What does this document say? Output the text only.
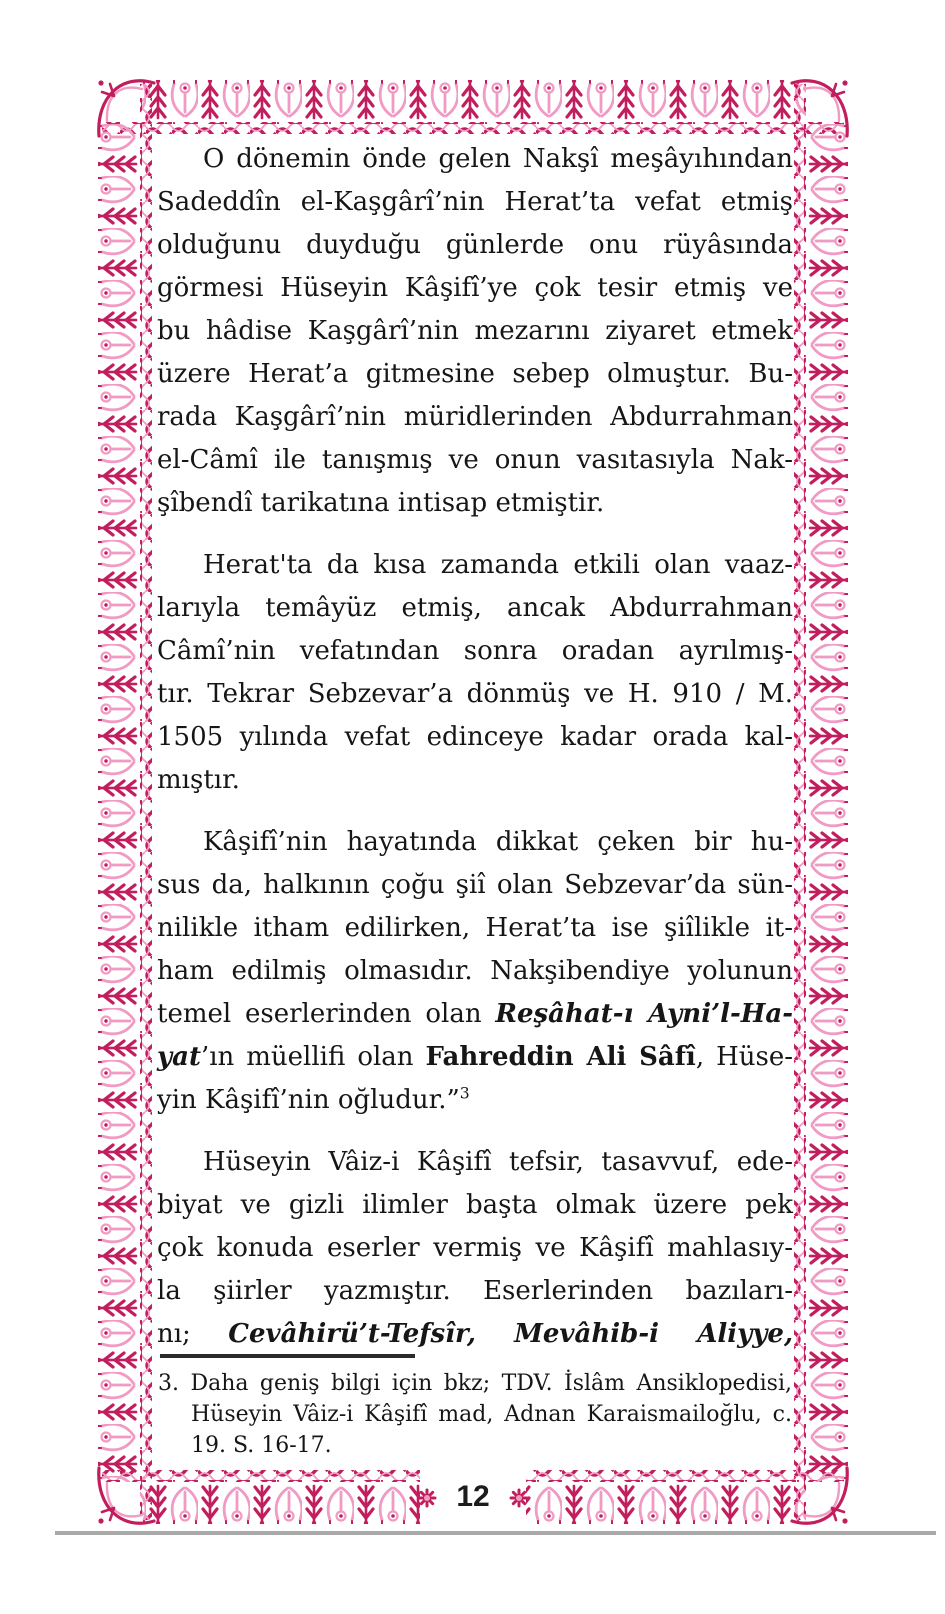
O dönemin önde gelen Nakşî meşâyıhından
Sadeddîn el-Kaşgârî’nin Herat’ta vefat etmiş
olduğunu duyduğu günlerde onu rüyâsında
görmesi Hüseyin Kâşifî’ye çok tesir etmiş ve
bu hâdise Kaşgârî’nin mezarını ziyaret etmek
üzere Herat’a gitmesine sebep olmuştur. Bu-
rada Kaşgârî’nin müridlerinden Abdurrahman
el-Câmî ile tanışmış ve onun vasıtasıyla Nak-
şîbendî tarikatına intisap etmiştir.
Herat'ta da kısa zamanda etkili olan vaaz-
larıyla temâyüz etmiş, ancak Abdurrahman
Câmî’nin vefatından sonra oradan ayrılmış-
tır. Tekrar Sebzevar’a dönmüş ve H. 910 / M.
1505 yılında vefat edinceye kadar orada kal-
mıştır.
Kâşifî’nin hayatında dikkat çeken bir hu-
sus da, halkının çoğu şiî olan Sebzevar’da sün-
nilikle itham edilirken, Herat’ta ise şiîlikle it-
ham edilmiş olmasıdır. Nakşibendiye yolunun
temel eserlerinden olan Reşâhat-ı Ayni’l-Ha-
yat’ın müellifi olan Fahreddin Ali Sâfî, Hüse-
yin Kâşifî’nin oğludur.”$^3$
Hüseyin Vâiz-i Kâşifî tefsir, tasavvuf, ede-
biyat ve gizli ilimler başta olmak üzere pek
çok konuda eserler vermiş ve Kâşifî mahlasıy-
la şiirler yazmıştır. Eserlerinden bazıları-
nı; Cevâhirü’t-Tefsîr, Mevâhib-i Aliyye,
3. Daha geniş bilgi için bkz; TDV. İslâm Ansiklopedisi,
Hüseyin Vâiz-i Kâşifî mad, Adnan Karaismailoğlu, c.
19. S. 16-17.
12
